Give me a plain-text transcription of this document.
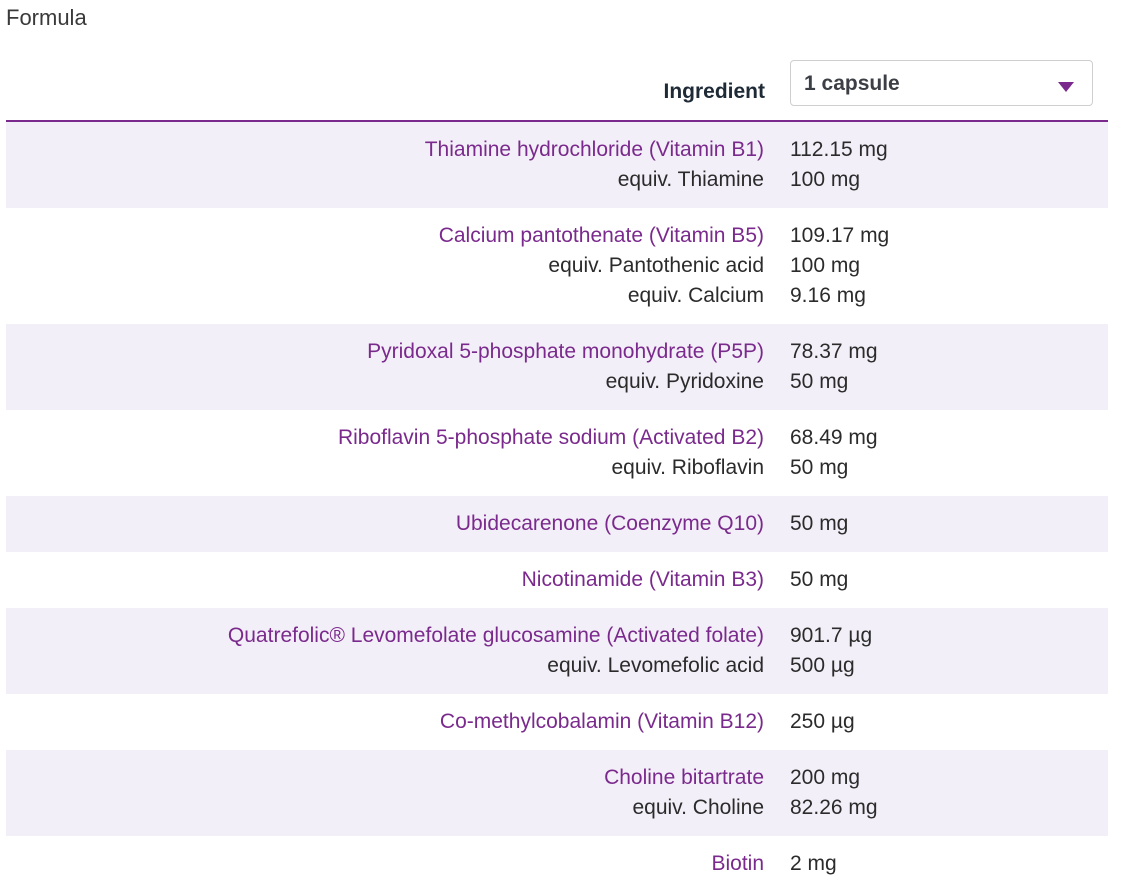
Formula
Ingredient 1 capsule
Thiamine hydrochloride (Vitamin B1) 112.15 mg
equiv. Thiamine 100 mg
Calcium pantothenate (Vitamin B5) 109.17 mg
equiv. Pantothenic acid 100 mg
equiv. Calcium 9.16 mg
Pyridoxal 5-phosphate monohydrate (P5P) 78.37 mg
equiv. Pyridoxine 50 mg
Riboflavin 5-phosphate sodium (Activated B2) 68.49 mg
equiv. Riboflavin 50 mg
Ubidecarenone (Coenzyme Q10) 50 mg
Nicotinamide (Vitamin B3) 50 mg
Quatrefolic® Levomefolate glucosamine (Activated folate) 901.7 µg
equiv. Levomefolic acid 500 µg
Co-methylcobalamin (Vitamin B12) 250 µg
Choline bitartrate 200 mg
equiv. Choline 82.26 mg
Biotin 2 mg
